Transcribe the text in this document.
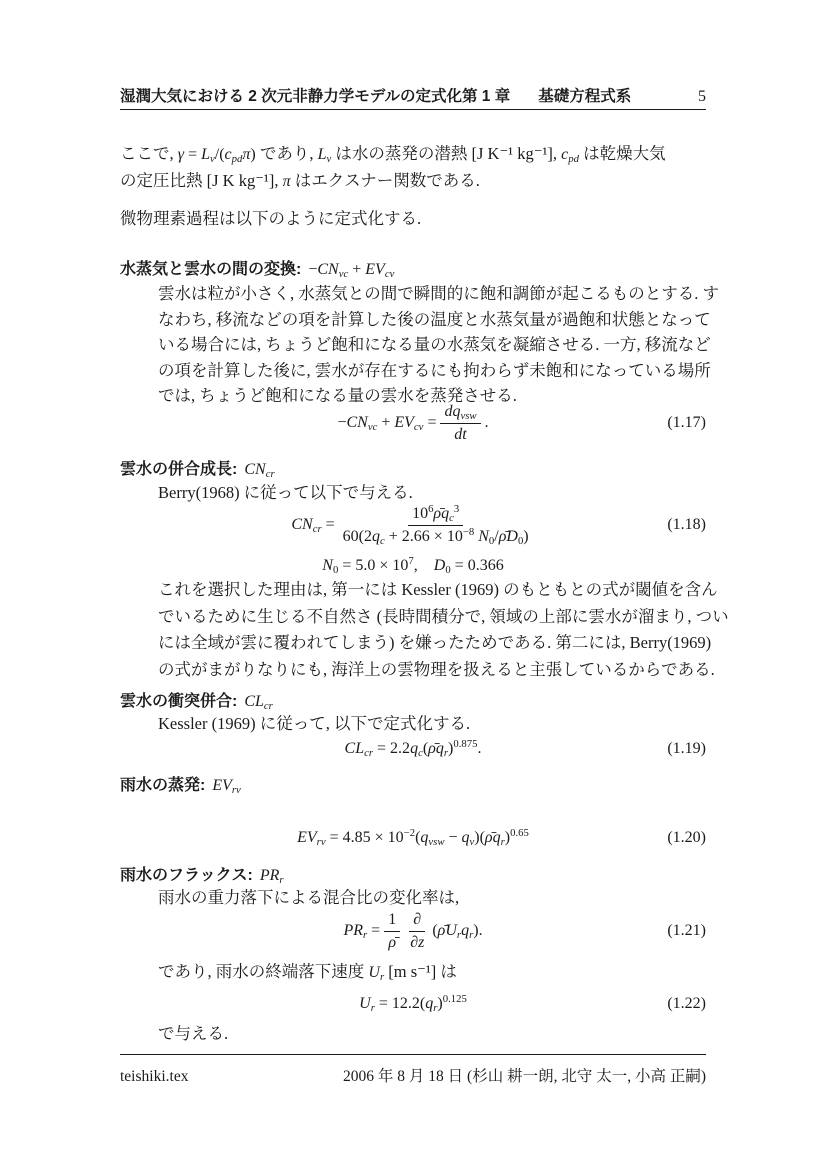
湿潤大気における 2 次元非静力学モデルの定式化第 1 章 基礎方程式系	5
ここで, $\gamma = L_v/(c_{pd}\pi)$ であり, $L_v$ は水の蒸発の潜熱 [J K⁻¹ kg⁻¹], $c_{pd}$ は乾燥大気
の定圧比熱 [J K kg⁻¹], π はエクスナー関数である.
微物理素過程は以下のように定式化する.
水蒸気と雲水の間の変換: $-CN_{vc} + EV_{cv}$
雲水は粒が小さく, 水蒸気との間で瞬間的に飽和調節が起こるものとする. す
なわち, 移流などの項を計算した後の温度と水蒸気量が過飽和状態となって
いる場合には, ちょうど飽和になる量の水蒸気を凝縮させる. 一方, 移流など
の項を計算した後に, 雲水が存在するにも拘わらず未飽和になっている場所
では, ちょうど飽和になる量の雲水を蒸発させる.
$-CN_{vc} + EV_{cv} = \frac{dq_{vsw}}{dt}$ .	(1.17)
雲水の併合成長: $CN_{cr}$
Berry(1968) に従って以下で与える.
$CN_{cr} = \frac{10^6\rhōq_c^3}{60(2q_c + 2.66 \times 10^{-8} N_0/\rhōD_0)}$	(1.18)
$N_0 = 5.0 \times 10^7$,　$D_0 = 0.366$
これを選択した理由は, 第一には Kessler (1969) のもともとの式が閾値を含ん
でいるために生じる不自然さ (長時間積分で, 領域の上部に雲水が溜まり, つい
には全域が雲に覆われてしまう) を嫌ったためである. 第二には, Berry(1969)
の式がまがりなりにも, 海洋上の雲物理を扱えると主張しているからである.
雲水の衝突併合: $CL_{cr}$
Kessler (1969) に従って, 以下で定式化する.
$CL_{cr}$ = $2.2q_c(\rhōq_r)^{0.875}$.	(1.19)
雨水の蒸発: $EV_{rv}$
$EV_{rv} = 4.85 \times 10^{-2}(q_{vsw}$ − $q_v)(\rhōq_r)^{0.65}$	(1.20)
雨水のフラックス: $PR_r$
雨水の重力落下による混合比の変化率は,
$PR_r = \frac{1}{\rhō} \frac{\partial}{\partial z}$ $(\rhōU_rq_r)$.	(1.21)
であり, 雨水の終端落下速度 $U_r$ [m s⁻¹] は
$U_r = 12.2(q_r)^{0.125}$	(1.22)
で与える.
teishiki.tex	2006 年 8 月 18 日 (杉山 耕一朗, 北守 太一, 小高 正嗣)
